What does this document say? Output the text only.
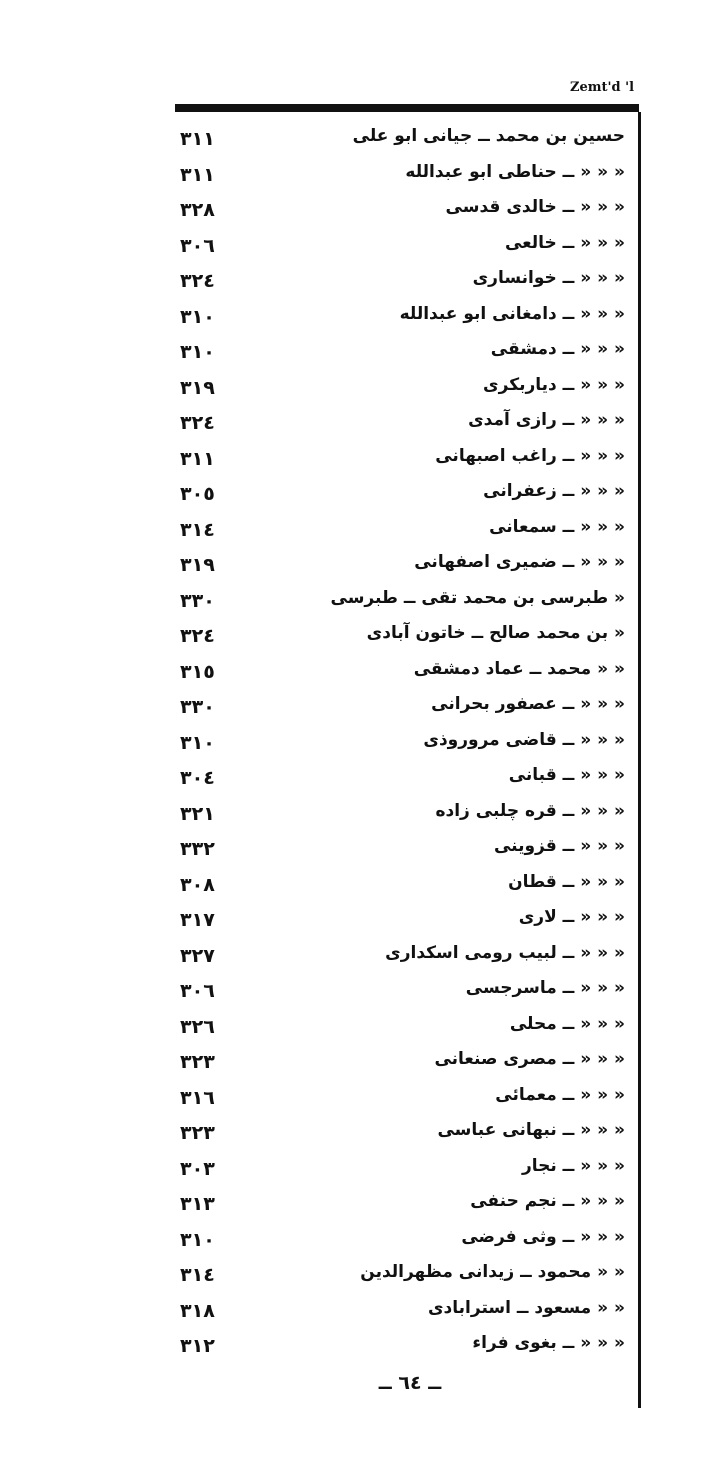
Zemt'd 'l
٣١١	حسين بن محمد ــ جيانى ابو على
٣١١	« « « ــ حناطى ابو عبدالله
٣٢٨	« « « ــ خالدى قدسى
٣٠٦	« « « ــ خالعى
٣٢٤	« « « ــ خوانسارى
٣١٠	« « « ــ دامغانى ابو عبدالله
٣١٠	« « « ــ دمشقى
٣١٩	« « « ــ دياربكرى
٣٢٤	« « « ــ رازى آمدى
٣١١	« « « ــ راغب اصبهانى
٣٠٥	« « « ــ زعفرانى
٣١٤	« « « ــ سمعانى
٣١٩	« « « ــ ضميرى اصفهانى
٣٣٠	« طبرسى بن محمد تقى ــ طبرسى
٣٢٤	« بن محمد صالح ــ خاتون آبادى
٣١٥	« « محمد ــ عماد دمشقى
٣٣٠	« « « ــ عصفور بحرانى
٣١٠	« « « ــ قاضى مروروذى
٣٠٤	« « « ــ قبانى
٣٢١	« « « ــ قره چلبى زاده
٣٣٢	« « « ــ قزوينى
٣٠٨	« « « ــ قطان
٣١٧	« « « ــ لارى
٣٢٧	« « « ــ لبيب رومى اسكدارى
٣٠٦	« « « ــ ماسرجسى
٣٢٦	« « « ــ محلى
٣٢٣	« « « ــ مصرى صنعانى
٣١٦	« « « ــ معمائى
٣٢٣	« « « ــ نبهانى عباسى
٣٠٣	« « « ــ نجار
٣١٣	« « « ــ نجم حنفى
٣١٠	« « « ــ وثى فرضى
٣١٤	« « محمود ــ زيدانى مظهرالدين
٣١٨	« « مسعود ــ استرابادى
٣١٢	« « « ــ بغوى فراء
ــ ٦٤ ــ
